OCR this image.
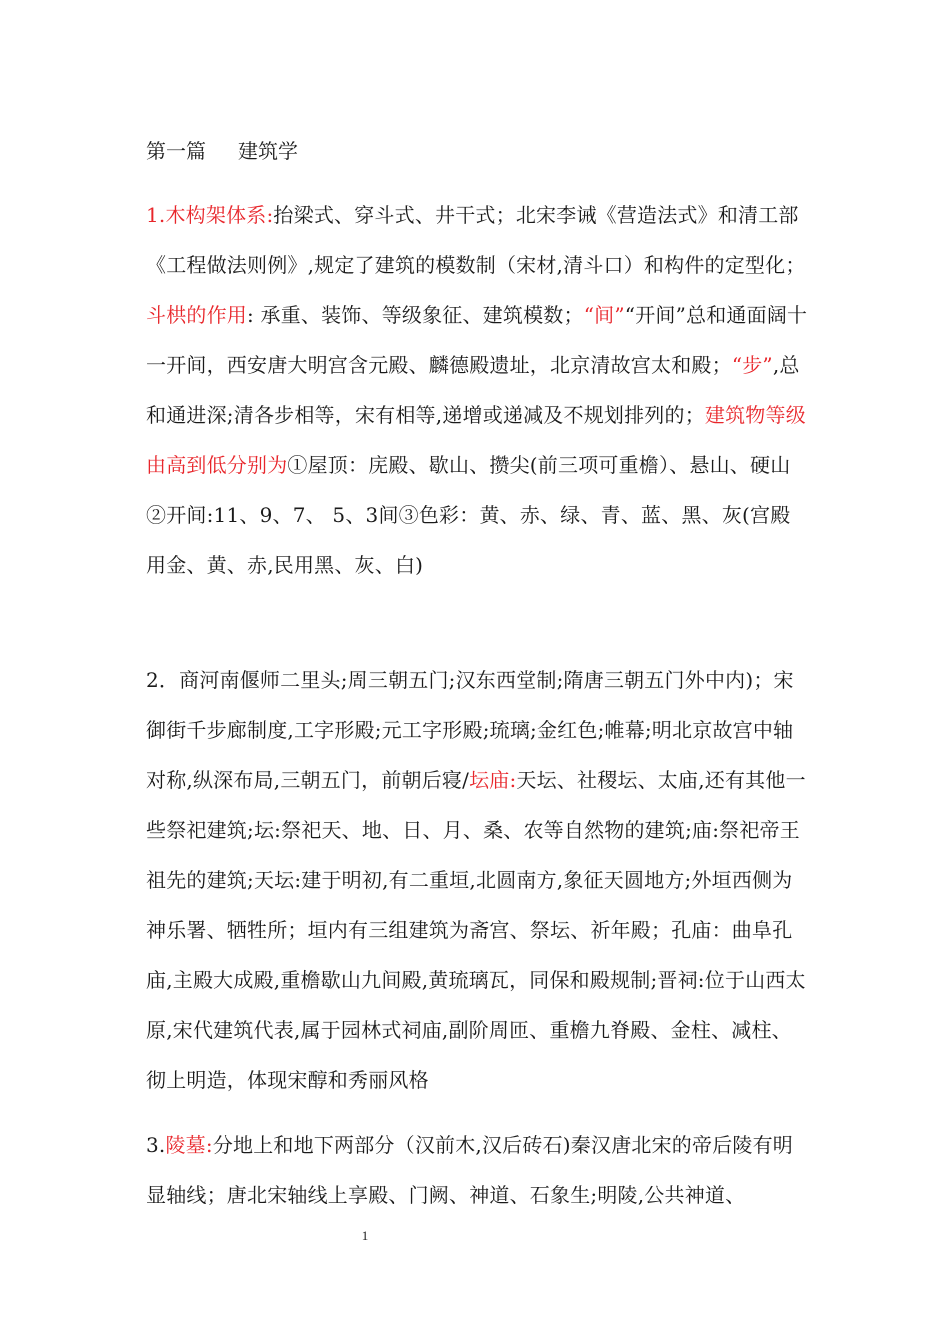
第一篇 建筑学
1.木构架体系:抬梁式、穿斗式、井干式；北宋李诫《营造法式》和清工部《工程做法则例》,规定了建筑的模数制（宋材,清斗口）和构件的定型化；斗栱的作用: 承重、装饰、等级象征、建筑模数；“间”“开间”总和通面阔十一开间，西安唐大明宫含元殿、麟德殿遗址，北京清故宫太和殿；“步”,总和通进深;清各步相等，宋有相等,递增或递减及不规划排列的；建筑物等级由高到低分别为①屋顶：庑殿、歇山、攒尖(前三项可重檐）、悬山、硬山②开间:11、9、7、 5、3间③色彩：黄、赤、绿、青、蓝、黑、灰(宫殿用金、黄、赤,民用黑、灰、白)
2．商河南偃师二里头;周三朝五门;汉东西堂制;隋唐三朝五门外中内)；宋御街千步廊制度,工字形殿;元工字形殿;琉璃;金红色;帷幕;明北京故宫中轴对称,纵深布局,三朝五门，前朝后寝/坛庙:天坛、社稷坛、太庙,还有其他一些祭祀建筑;坛:祭祀天、地、日、月、桑、农等自然物的建筑;庙:祭祀帝王祖先的建筑;天坛:建于明初,有二重垣,北圆南方,象征天圆地方;外垣西侧为神乐署、牺牲所；垣内有三组建筑为斋宫、祭坛、祈年殿；孔庙：曲阜孔庙,主殿大成殿,重檐歇山九间殿,黄琉璃瓦，同保和殿规制;晋祠:位于山西太原,宋代建筑代表,属于园林式祠庙,副阶周匝、重檐九脊殿、金柱、减柱、彻上明造，体现宋醇和秀丽风格
3.陵墓:分地上和地下两部分（汉前木,汉后砖石)秦汉唐北宋的帝后陵有明显轴线；唐北宋轴线上享殿、门阙、神道、石象生;明陵,公共神道、
1
